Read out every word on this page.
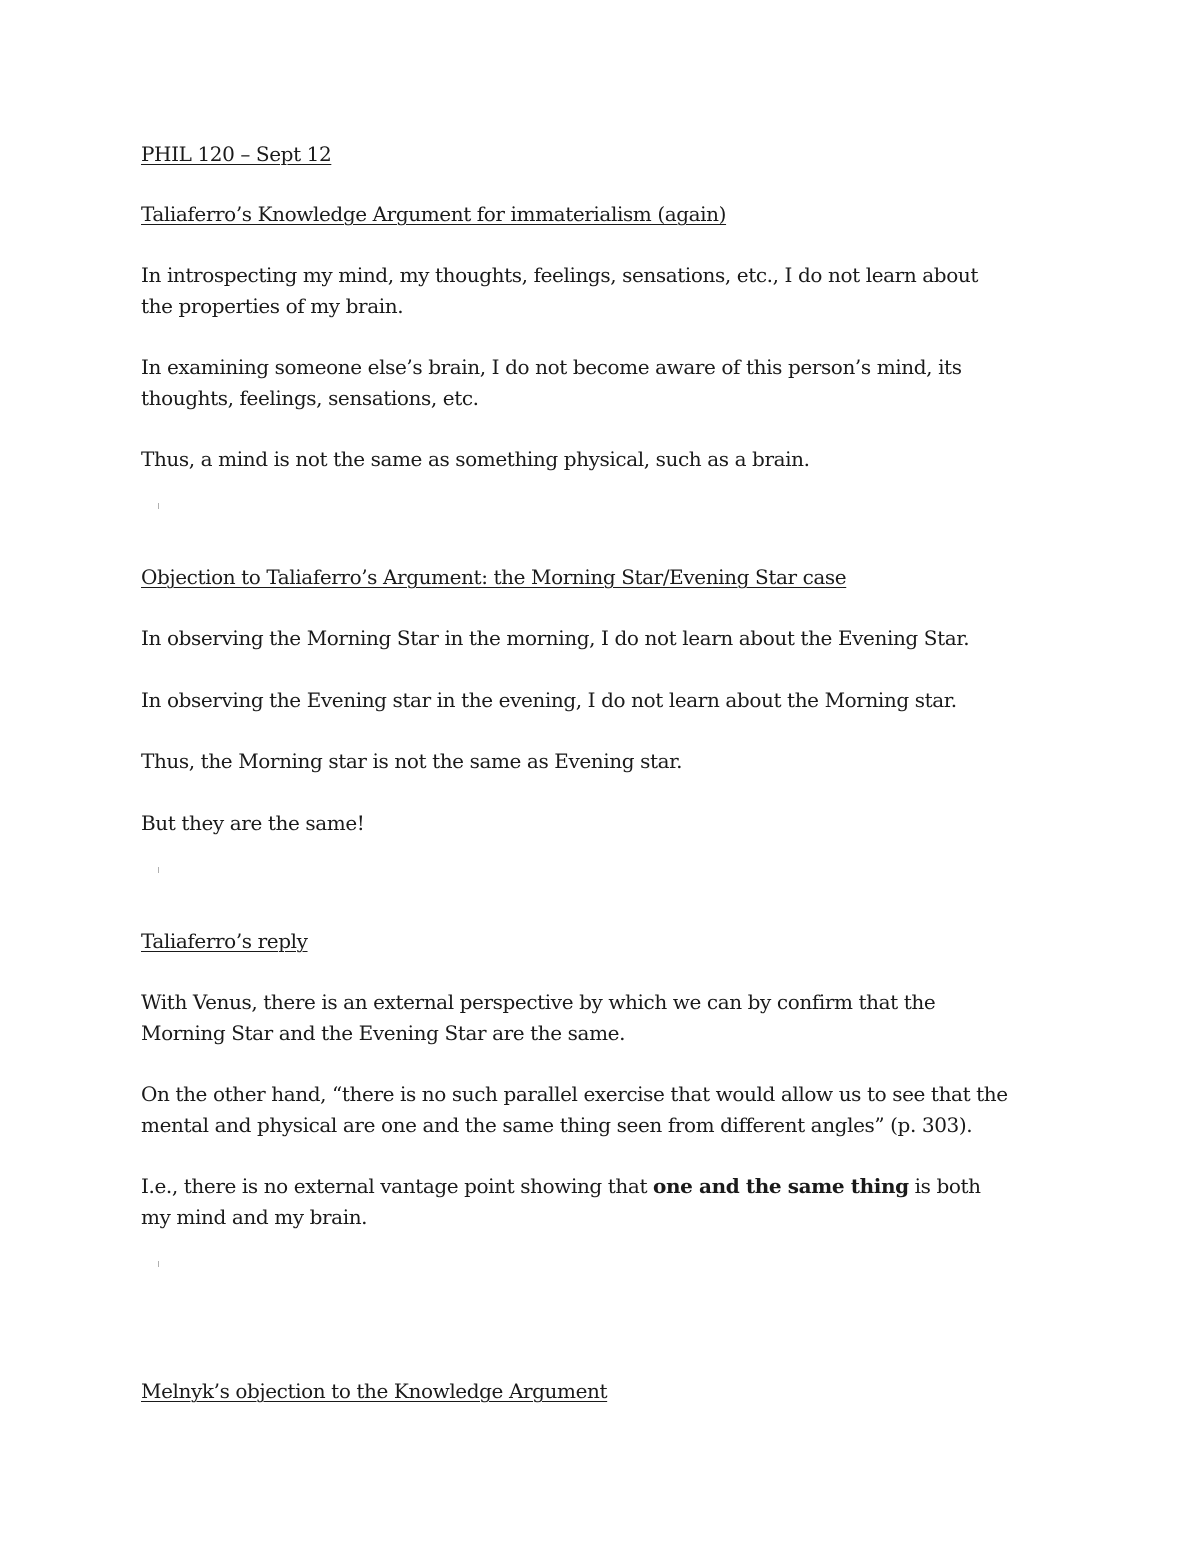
PHIL 120 – Sept 12

Taliaferro’s Knowledge Argument for immaterialism (again)

In introspecting my mind, my thoughts, feelings, sensations, etc., I do not learn about

the properties of my brain.

In examining someone else’s brain, I do not become aware of this person’s mind, its

thoughts, feelings, sensations, etc.

Thus, a mind is not the same as something physical, such as a brain.

Objection to Taliaferro’s Argument: the Morning Star/Evening Star case

In observing the Morning Star in the morning, I do not learn about the Evening Star.

In observing the Evening star in the evening, I do not learn about the Morning star.

Thus, the Morning star is not the same as Evening star.

But they are the same!

Taliaferro’s reply

With Venus, there is an external perspective by which we can by confirm that the

Morning Star and the Evening Star are the same.

On the other hand, “there is no such parallel exercise that would allow us to see that the

mental and physical are one and the same thing seen from different angles” (p. 303).

I.e., there is no external vantage point showing that one and the same thing is both

my mind and my brain.

Melnyk’s objection to the Knowledge Argument
